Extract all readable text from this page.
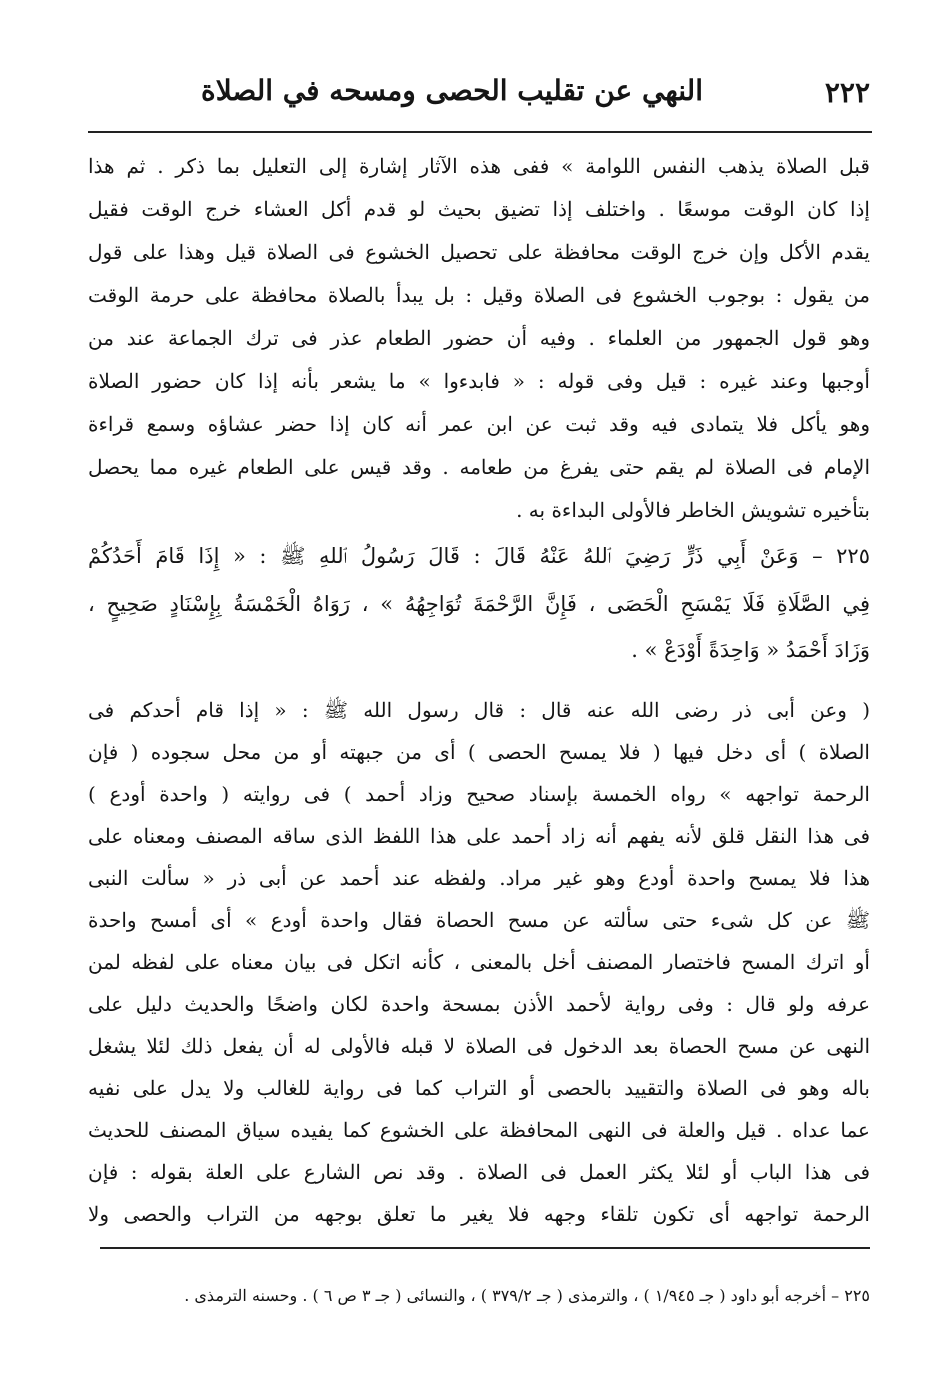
٢٢٢
النهي عن تقليب الحصى ومسحه في الصلاة
قبل الصلاة يذهب النفس اللوامة » ففى هذه الآثار إشارة إلى التعليل بما ذكر . ثم هذا
إذا كان الوقت موسعًا . واختلف إذا تضيق بحيث لو قدم أكل العشاء خرج الوقت فقيل
يقدم الأكل وإن خرج الوقت محافظة على تحصيل الخشوع فى الصلاة قيل وهذا على قول
من يقول : بوجوب الخشوع فى الصلاة وقيل : بل يبدأ بالصلاة محافظة على حرمة الوقت
وهو قول الجمهور من العلماء . وفيه أن حضور الطعام عذر فى ترك الجماعة عند من
أوجبها وعند غيره : قيل وفى قوله : « فابدءوا » ما يشعر بأنه إذا كان حضور الصلاة
وهو يأكل فلا يتمادى فيه وقد ثبت عن ابن عمر أنه كان إذا حضر عشاؤه وسمع قراءة
الإمام فى الصلاة لم يقم حتى يفرغ من طعامه . وقد قيس على الطعام غيره مما يحصل
بتأخيره تشويش الخاطر فالأولى البداءة به .
٢٢٥ – وَعَنْ أَبِي ذَرٍّ رَضِيَ ٱللهُ عَنْهُ قَالَ : قَالَ رَسُولُ ٱللهِ ﷺ : « إِذَا قَامَ أَحَدُكُمْ
فِي الصَّلَاةِ فَلَا يَمْسَحِ الْحَصَى ، فَإِنَّ الرَّحْمَةَ تُوَاجِهُهُ » ، رَوَاهُ الْخَمْسَةُ بِإِسْنَادٍ صَحِيحٍ ،
وَزَادَ أَحْمَدُ « وَاحِدَةً أَوْدَعْ » .
( وعن أبى ذر رضى الله عنه قال : قال رسول الله ﷺ : « إذا قام أحدكم فى
الصلاة ) أى دخل فيها ( فلا يمسح الحصى ) أى من جبهته أو من محل سجوده ( فإن
الرحمة تواجهه » رواه الخمسة بإسناد صحيح وزاد أحمد ) فى روايته ( واحدة أودع )
فى هذا النقل قلق لأنه يفهم أنه زاد أحمد على هذا اللفظ الذى ساقه المصنف ومعناه على
هذا فلا يمسح واحدة أودع وهو غير مراد. ولفظه عند أحمد عن أبى ذر « سألت النبى
ﷺ عن كل شىء حتى سألته عن مسح الحصاة فقال واحدة أودع » أى أمسح واحدة
أو اترك المسح فاختصار المصنف أخل بالمعنى ، كأنه اتكل فى بيان معناه على لفظه لمن
عرفه ولو قال : وفى رواية لأحمد الأذن بمسحة واحدة لكان واضحًا والحديث دليل على
النهى عن مسح الحصاة بعد الدخول فى الصلاة لا قبله فالأولى له أن يفعل ذلك لئلا يشغل
باله وهو فى الصلاة والتقييد بالحصى أو التراب كما فى رواية للغالب ولا يدل على نفيه
عما عداه . قيل والعلة فى النهى المحافظة على الخشوع كما يفيده سياق المصنف للحديث
فى هذا الباب أو لئلا يكثر العمل فى الصلاة . وقد نص الشارع على العلة بقوله : فإن
الرحمة تواجهه أى تكون تلقاء وجهه فلا يغير ما تعلق بوجهه من التراب والحصى ولا
٢٢٥ – أخرجه أبو داود ( جـ ١/٩٤٥ ) ، والترمذى ( جـ ٣٧٩/٢ ) ، والنسائى ( جـ ٣ ص ٦ ) . وحسنه الترمذى .
